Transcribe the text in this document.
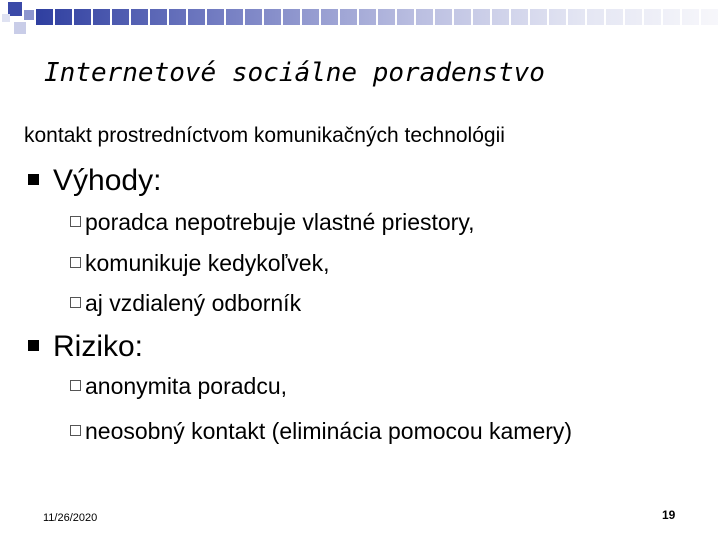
Internetové sociálne poradenstvo
kontakt prostredníctvom komunikačných technológii
Výhody:
poradca nepotrebuje vlastné priestory,
komunikuje kedykoľvek,
aj vzdialený odborník
Riziko:
anonymita poradcu,
neosobný kontakt (eliminácia pomocou kamery)
11/26/2020	19
